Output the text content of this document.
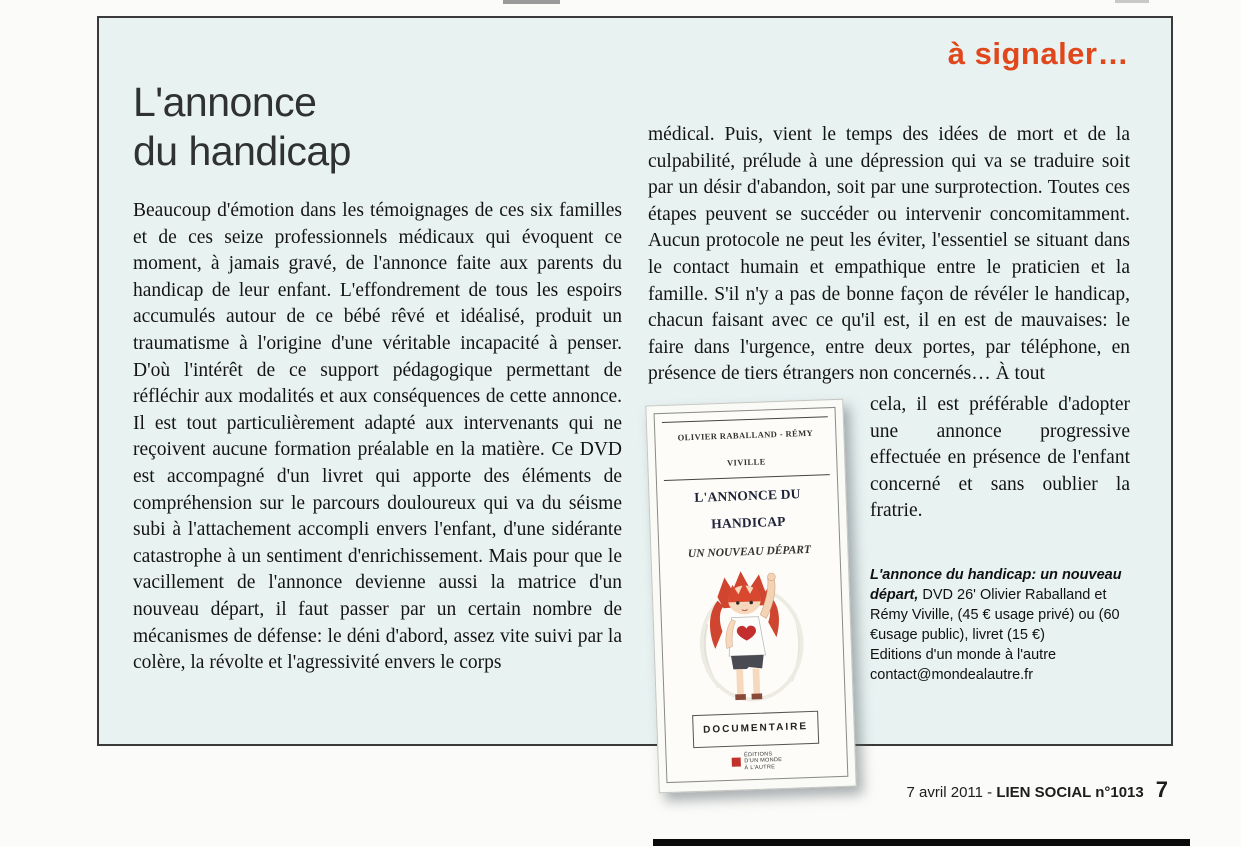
à signaler…
L'annonce
du handicap

Beaucoup d'émotion dans les témoignages de ces six familles et de ces seize professionnels médicaux qui évoquent ce moment, à jamais gravé, de l'annonce faite aux parents du handicap de leur enfant. L'effondrement de tous les espoirs accumulés autour de ce bébé rêvé et idéalisé, produit un traumatisme à l'origine d'une véritable incapacité à penser. D'où l'intérêt de ce support pédagogique permettant de réfléchir aux modalités et aux conséquences de cette annonce. Il est tout particulièrement adapté aux intervenants qui ne reçoivent aucune formation préalable en la matière. Ce DVD est accompagné d'un livret qui apporte des éléments de compréhension sur le parcours douloureux qui va du séisme subi à l'attachement accompli envers l'enfant, d'une sidérante catastrophe à un sentiment d'enrichissement. Mais pour que le vacillement de l'annonce devienne aussi la matrice d'un nouveau départ, il faut passer par un certain nombre de mécanismes de défense: le déni d'abord, assez vite suivi par la colère, la révolte et l'agressivité envers le corps

médical. Puis, vient le temps des idées de mort et de la culpabilité, prélude à une dépression qui va se traduire soit par un désir d'abandon, soit par une surprotection. Toutes ces étapes peuvent se succéder ou intervenir concomitamment. Aucun protocole ne peut les éviter, l'essentiel se situant dans le contact humain et empathique entre le praticien et la famille. S'il n'y a pas de bonne façon de révéler le handicap, chacun faisant avec ce qu'il est, il en est de mauvaises: le faire dans l'urgence, entre deux portes, par téléphone, en présence de tiers étrangers non concernés… À tout

OLIVIER RABALLAND - RÉMY VIVILLE
L'ANNONCE DU HANDICAP
UN NOUVEAU DÉPART
DOCUMENTAIRE
ÉDITIONS
D'UN MONDE
À L'AUTRE

cela, il est préférable d'adopter une annonce progressive effectuée en présence de l'enfant concerné et sans oublier la fratrie.

L'annonce du handicap: un nouveau départ, DVD 26' Olivier Raballand et Rémy Viville, (45 € usage privé) ou (60 €usage public), livret (15 €)
Editions d'un monde à l'autre
contact@mondealautre.fr
7 avril 2011 - LIEN SOCIAL n°1013 7
